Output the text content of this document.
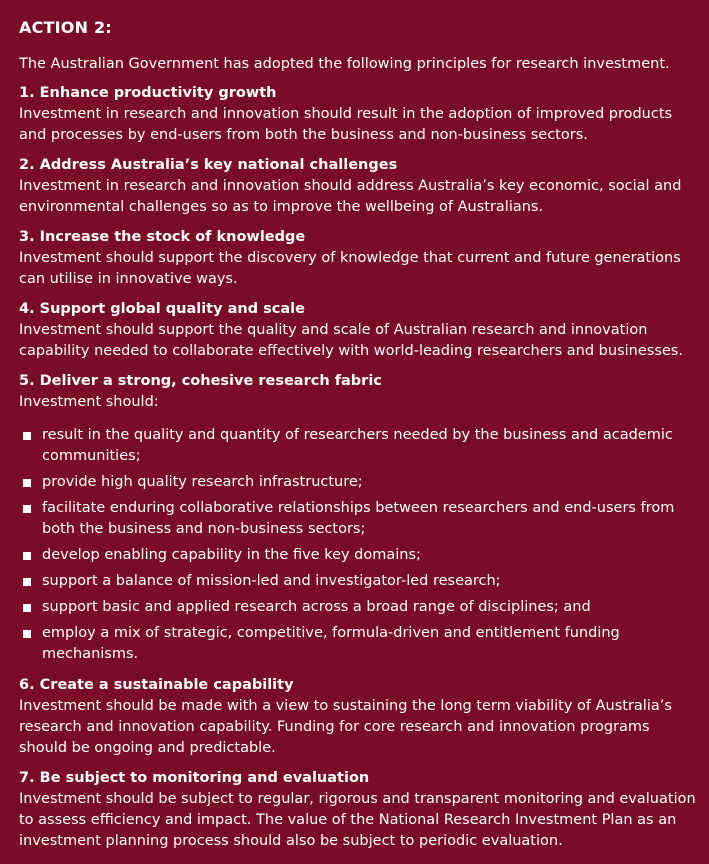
ACTION 2:
The Australian Government has adopted the following principles for research investment.
1. Enhance productivity growth
Investment in research and innovation should result in the adoption of improved products and processes by end-users from both the business and non-business sectors.
2. Address Australia’s key national challenges
Investment in research and innovation should address Australia’s key economic, social and environmental challenges so as to improve the wellbeing of Australians.
3. Increase the stock of knowledge
Investment should support the discovery of knowledge that current and future generations can utilise in innovative ways.
4. Support global quality and scale
Investment should support the quality and scale of Australian research and innovation capability needed to collaborate effectively with world-leading researchers and businesses.
5. Deliver a strong, cohesive research fabric
Investment should:
result in the quality and quantity of researchers needed by the business and academic communities;
provide high quality research infrastructure;
facilitate enduring collaborative relationships between researchers and end-users from both the business and non-business sectors;
develop enabling capability in the five key domains;
support a balance of mission-led and investigator-led research;
support basic and applied research across a broad range of disciplines; and
employ a mix of strategic, competitive, formula-driven and entitlement funding mechanisms.
6. Create a sustainable capability
Investment should be made with a view to sustaining the long term viability of Australia’s research and innovation capability. Funding for core research and innovation programs should be ongoing and predictable.
7. Be subject to monitoring and evaluation
Investment should be subject to regular, rigorous and transparent monitoring and evaluation to assess efficiency and impact. The value of the National Research Investment Plan as an investment planning process should also be subject to periodic evaluation.
